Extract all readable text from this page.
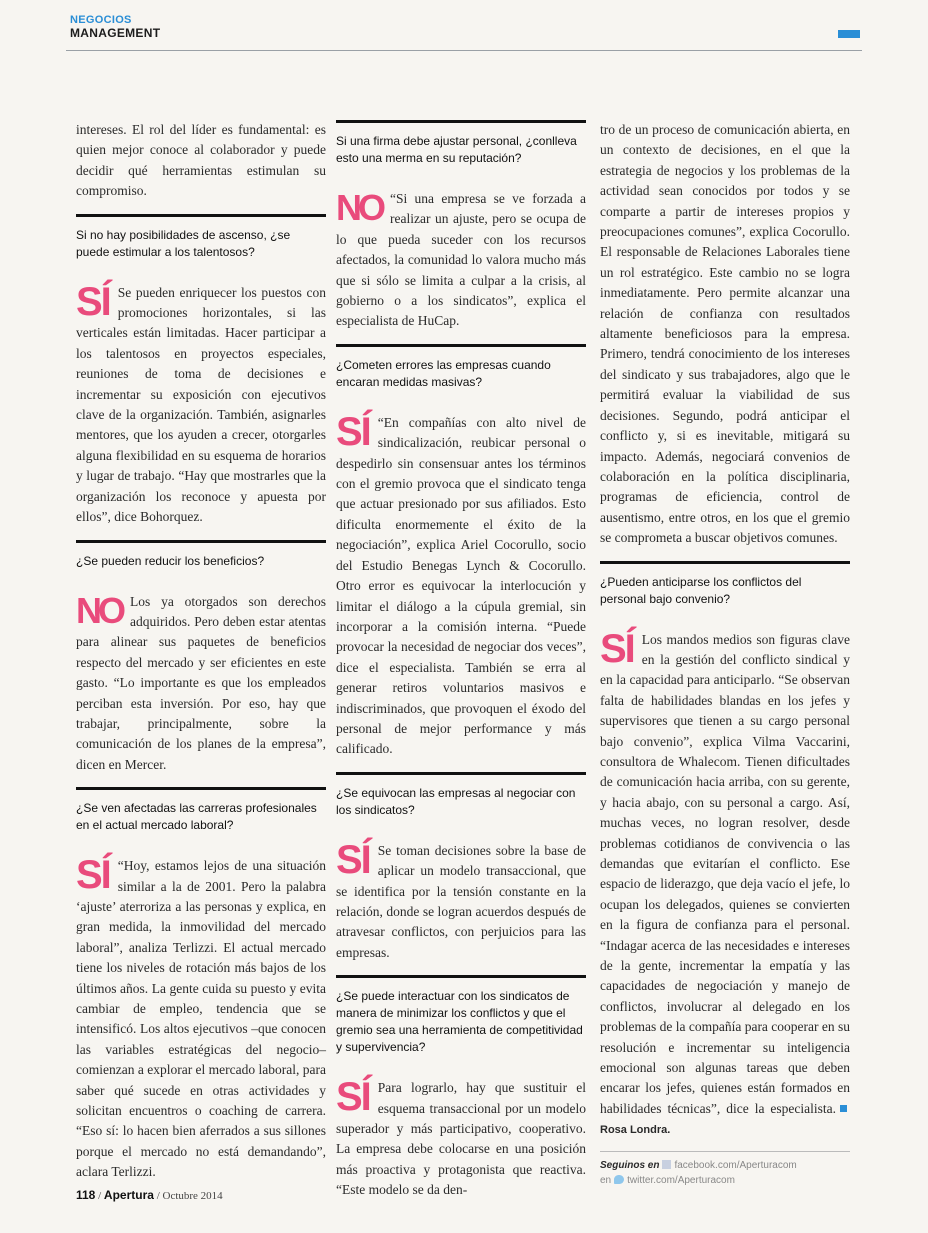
NEGOCIOS
MANAGEMENT

intereses. El rol del líder es fundamental: es quien mejor conoce al colaborador y puede decidir qué herramientas estimulan su compromiso.

Si no hay posibilidades de ascenso, ¿se puede estimular a los talentosos?

SÍ Se pueden enriquecer los puestos con promociones horizontales, si las verticales están limitadas. Hacer participar a los talentosos en proyectos especiales, reuniones de toma de decisiones e incrementar su exposición con ejecutivos clave de la organización. También, asignarles mentores, que los ayuden a crecer, otorgarles alguna flexibilidad en su esquema de horarios y lugar de trabajo. “Hay que mostrarles que la organización los reconoce y apuesta por ellos”, dice Bohorquez.

¿Se pueden reducir los beneficios?

NO Los ya otorgados son derechos adquiridos. Pero deben estar atentas para alinear sus paquetes de beneficios respecto del mercado y ser eficientes en este gasto. “Lo importante es que los empleados perciban esta inversión. Por eso, hay que trabajar, principalmente, sobre la comunicación de los planes de la empresa”, dicen en Mercer.

¿Se ven afectadas las carreras profesionales en el actual mercado laboral?

SÍ “Hoy, estamos lejos de una situación similar a la de 2001. Pero la palabra ‘ajuste’ aterroriza a las personas y explica, en gran medida, la inmovilidad del mercado laboral”, analiza Terlizzi. El actual mercado tiene los niveles de rotación más bajos de los últimos años. La gente cuida su puesto y evita cambiar de empleo, tendencia que se intensificó. Los altos ejecutivos –que conocen las variables estratégicas del negocio– comienzan a explorar el mercado laboral, para saber qué sucede en otras actividades y solicitan encuentros o coaching de carrera. “Eso sí: lo hacen bien aferrados a sus sillones porque el mercado no está demandando”, aclara Terlizzi.

Si una firma debe ajustar personal, ¿conlleva esto una merma en su reputación?

NO “Si una empresa se ve forzada a realizar un ajuste, pero se ocupa de lo que pueda suceder con los recursos afectados, la comunidad lo valora mucho más que si sólo se limita a culpar a la crisis, al gobierno o a los sindicatos”, explica el especialista de HuCap.

¿Cometen errores las empresas cuando encaran medidas masivas?

SÍ “En compañías con alto nivel de sindicalización, reubicar personal o despedirlo sin consensuar antes los términos con el gremio provoca que el sindicato tenga que actuar presionado por sus afiliados. Esto dificulta enormemente el éxito de la negociación”, explica Ariel Cocorullo, socio del Estudio Benegas Lynch & Cocorullo. Otro error es equivocar la interlocución y limitar el diálogo a la cúpula gremial, sin incorporar a la comisión interna. “Puede provocar la necesidad de negociar dos veces”, dice el especialista. También se erra al generar retiros voluntarios masivos e indiscriminados, que provoquen el éxodo del personal de mejor performance y más calificado.

¿Se equivocan las empresas al negociar con los sindicatos?

SÍ Se toman decisiones sobre la base de aplicar un modelo transaccional, que se identifica por la tensión constante en la relación, donde se logran acuerdos después de atravesar conflictos, con perjuicios para las empresas.

¿Se puede interactuar con los sindicatos de manera de minimizar los conflictos y que el gremio sea una herramienta de competitividad y supervivencia?

SÍ Para lograrlo, hay que sustituir el esquema transaccional por un modelo superador y más participativo, cooperativo. La empresa debe colocarse en una posición más proactiva y protagonista que reactiva. “Este modelo se da den-

tro de un proceso de comunicación abierta, en un contexto de decisiones, en el que la estrategia de negocios y los problemas de la actividad sean conocidos por todos y se comparte a partir de intereses propios y preocupaciones comunes”, explica Cocorullo. El responsable de Relaciones Laborales tiene un rol estratégico. Este cambio no se logra inmediatamente. Pero permite alcanzar una relación de confianza con resultados altamente beneficiosos para la empresa. Primero, tendrá conocimiento de los intereses del sindicato y sus trabajadores, algo que le permitirá evaluar la viabilidad de sus decisiones. Segundo, podrá anticipar el conflicto y, si es inevitable, mitigará su impacto. Además, negociará convenios de colaboración en la política disciplinaria, programas de eficiencia, control de ausentismo, entre otros, en los que el gremio se comprometa a buscar objetivos comunes.

¿Pueden anticiparse los conflictos del personal bajo convenio?

SÍ Los mandos medios son figuras clave en la gestión del conflicto sindical y en la capacidad para anticiparlo. “Se observan falta de habilidades blandas en los jefes y supervisores que tienen a su cargo personal bajo convenio”, explica Vilma Vaccarini, consultora de Whalecom. Tienen dificultades de comunicación hacia arriba, con su gerente, y hacia abajo, con su personal a cargo. Así, muchas veces, no logran resolver, desde problemas cotidianos de convivencia o las demandas que evitarían el conflicto. Ese espacio de liderazgo, que deja vacío el jefe, lo ocupan los delegados, quienes se convierten en la figura de confianza para el personal. “Indagar acerca de las necesidades e intereses de la gente, incrementar la empatía y las capacidades de negociación y manejo de conflictos, involucrar al delegado en los problemas de la compañía para cooperar en su resolución e incrementar su inteligencia emocional son algunas tareas que deben encarar los jefes, quienes están formados en habilidades técnicas”, dice la especialista.Rosa Londra.

Seguinos en facebook.com/Aperturacom
en twitter.com/Aperturacom
118 / Apertura / Octubre 2014
